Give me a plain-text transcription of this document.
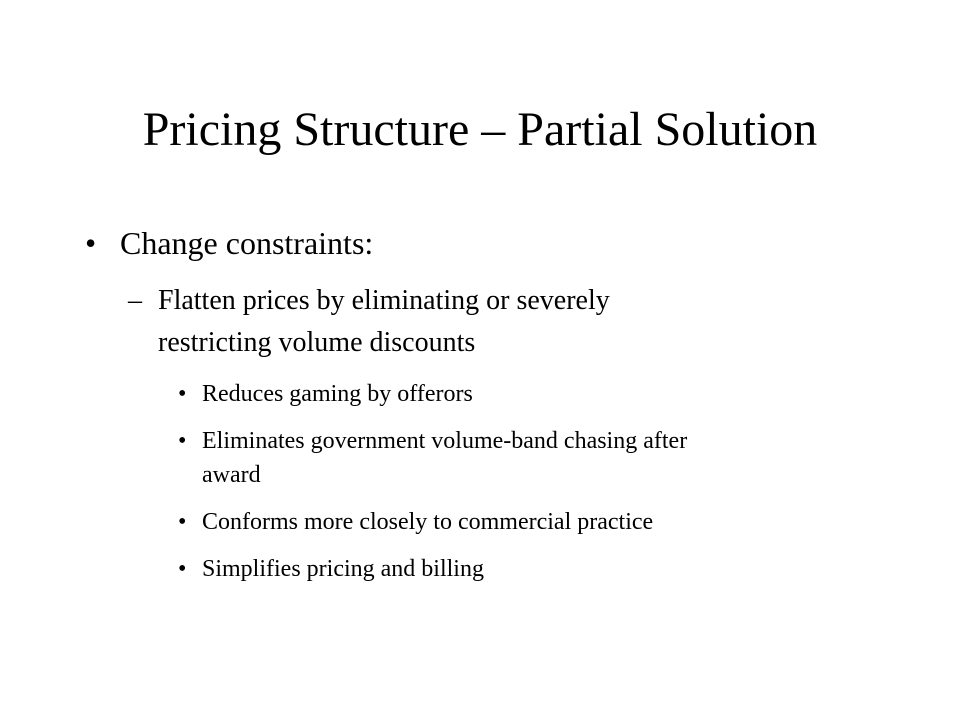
Pricing Structure – Partial Solution
• Change constraints:

– Flatten prices by eliminating or severely

restricting volume discounts

• Reduces gaming by offerors

• Eliminates government volume-band chasing after

award

• Conforms more closely to commercial practice

• Simplifies pricing and billing
